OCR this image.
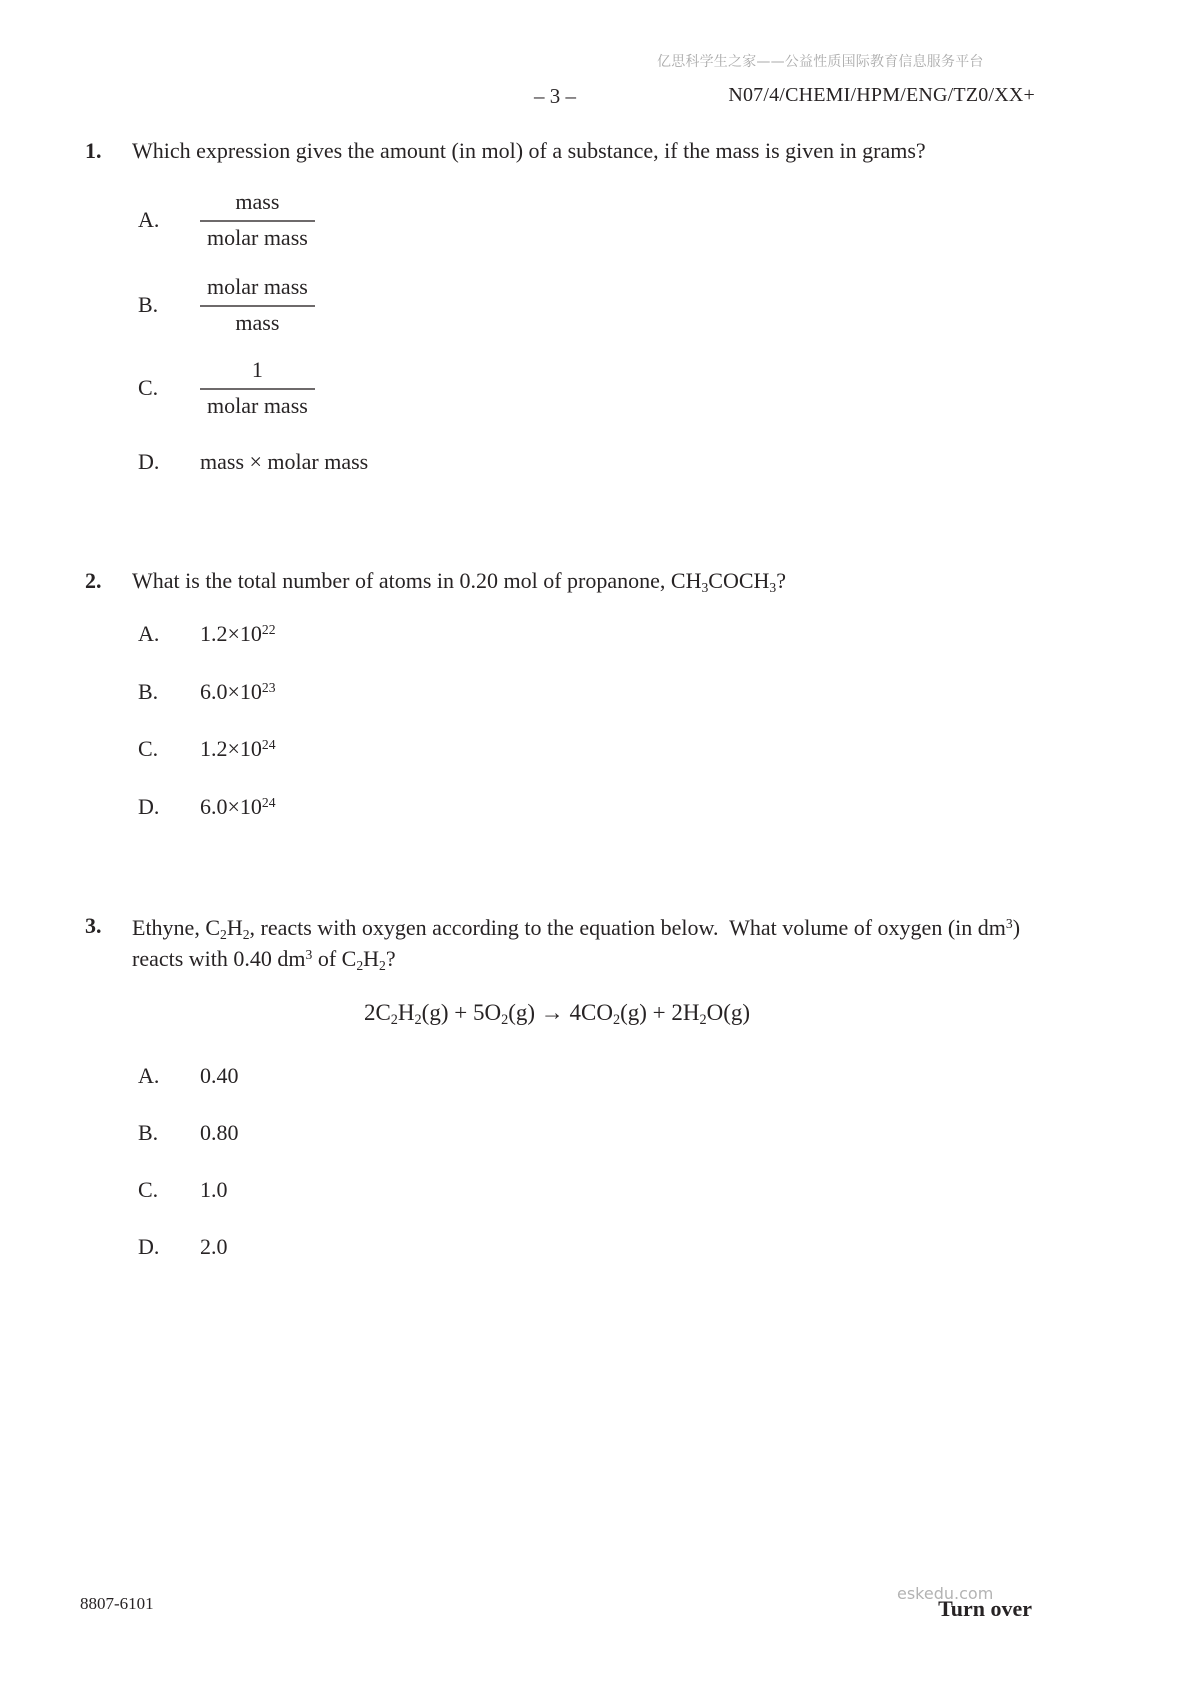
亿思科学生之家——公益性质国际教育信息服务平台
– 3 –	N07/4/CHEMI/HPM/ENG/TZ0/XX+
1. Which expression gives the amount (in mol) of a substance, if the mass is given in grams?
A.	$\frac{\text{mass}}{\text{molar mass}}$
B.	$\frac{\text{molar mass}}{\text{mass}}$
C.	$\frac{1}{\text{molar mass}}$
D.	mass × molar mass
2. What is the total number of atoms in 0.20 mol of propanone, $CH_3COCH_3$?
A.	$1.2\times 10^{22}$
B.	$6.0\times 10^{23}$
C.	$1.2\times 10^{24}$
D.	$6.0\times 10^{24}$
3. Ethyne, $C_2H_2$, reacts with oxygen according to the equation below.  What volume of oxygen (in $dm^3$)
reacts with 0.40 $dm^3$ of $C_2H_2$?
$2C_2H_2(g) + 5O_2(g) \to 4CO_2(g) + 2H_2O(g)$
A.	0.40
B.	0.80
C.	1.0
D.	2.0
8807-6101
eskedu.com
Turn over
